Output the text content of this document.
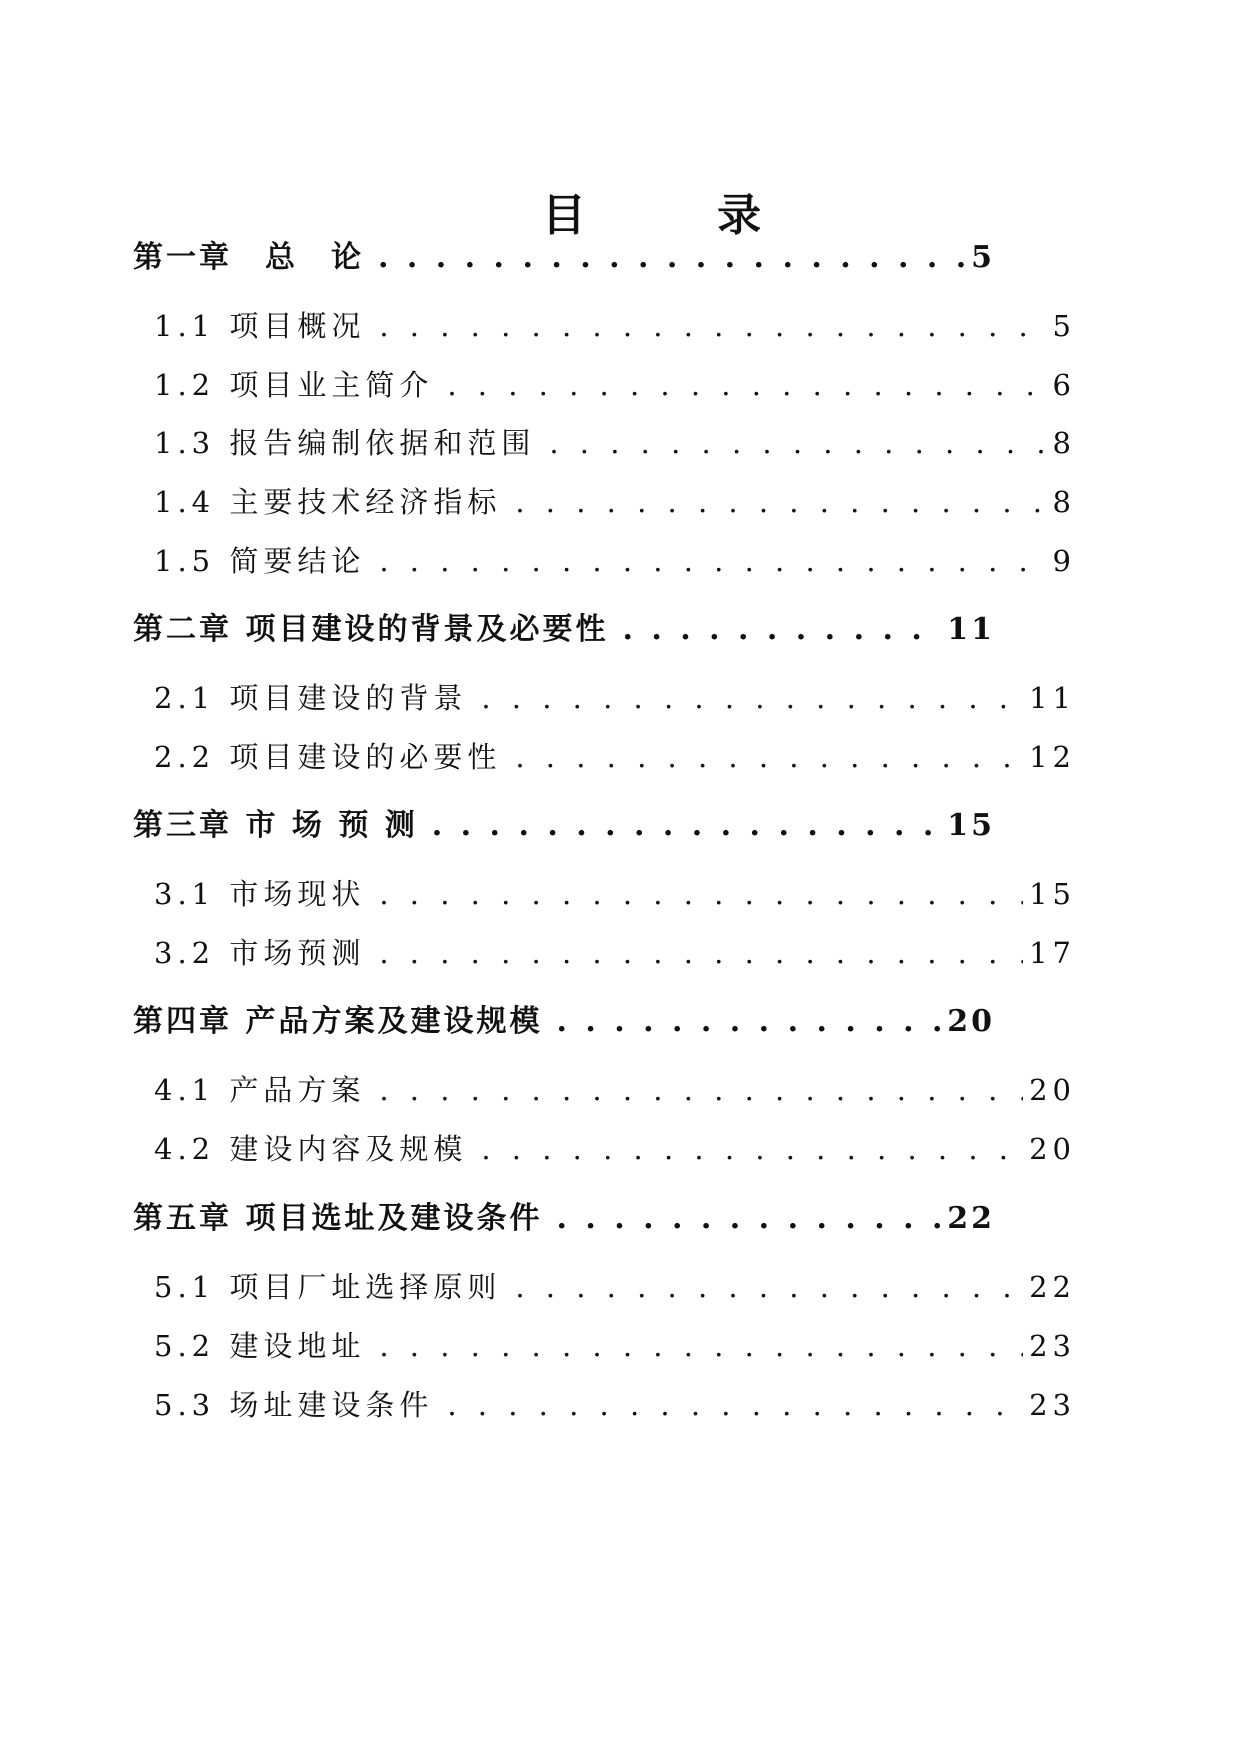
目 录
第一章　总　论 . . .	5
1.1 项目概况 . . .	5
1.2 项目业主简介 . . .	6
1.3 报告编制依据和范围 . . .	8
1.4 主要技术经济指标 . . .	8
1.5 简要结论 . . .	9
第二章 项目建设的背景及必要性 . . .	11
2.1 项目建设的背景 . . .	11
2.2 项目建设的必要性 . . .	12
第三章 市 场 预 测 . . .	15
3.1 市场现状 . . .	15
3.2 市场预测 . . .	17
第四章 产品方案及建设规模 . . .	20
4.1 产品方案 . . .	20
4.2 建设内容及规模 . . .	20
第五章 项目选址及建设条件 . . .	22
5.1 项目厂址选择原则 . . .	22
5.2 建设地址 . . .	23
5.3 场址建设条件 . . .	23
